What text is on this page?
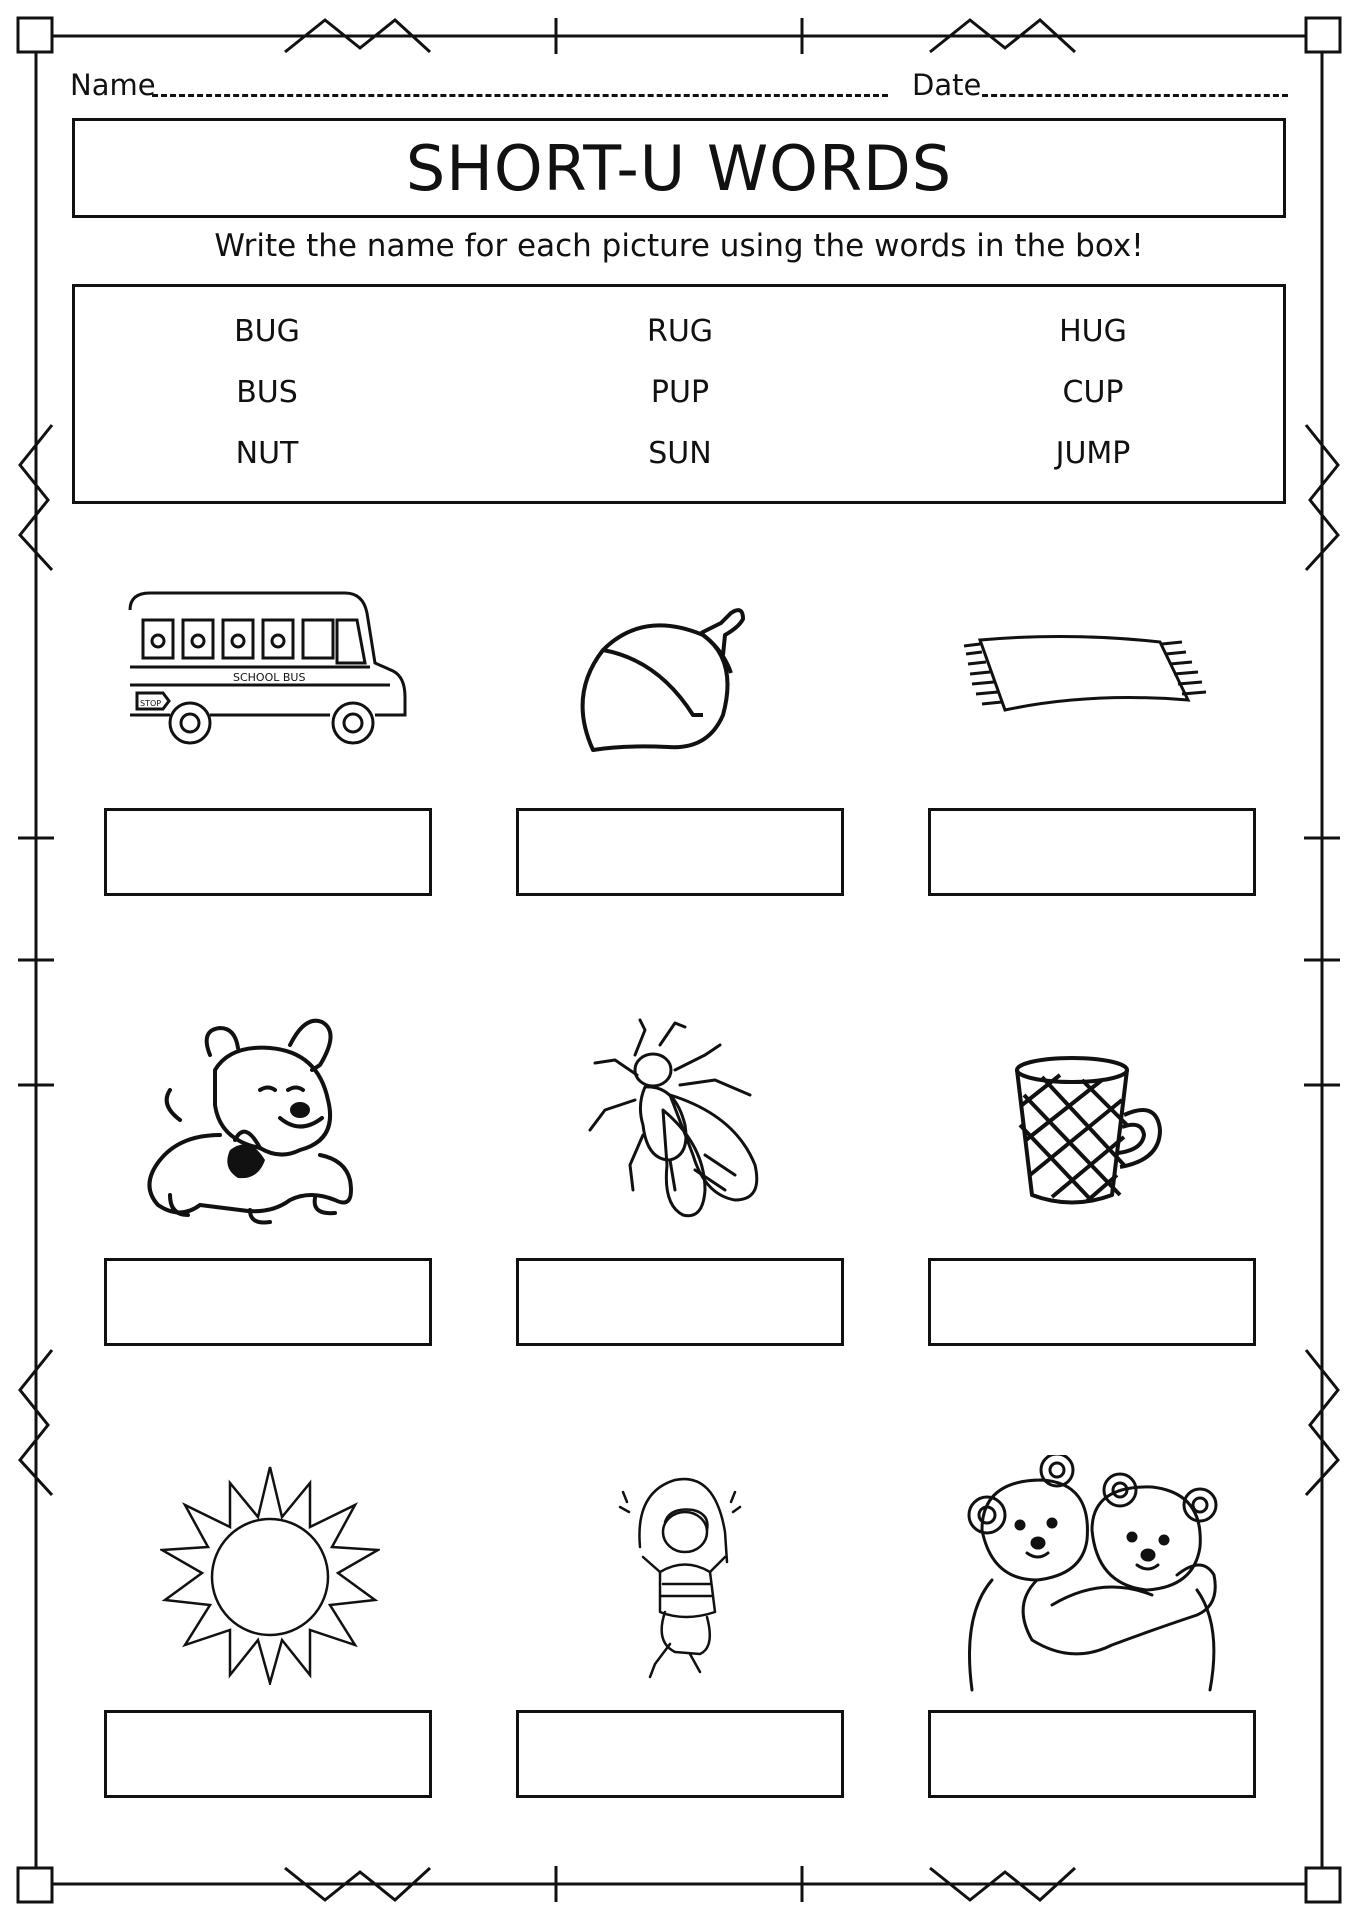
Name	Date
SHORT-U WORDS
Write the name for each picture using the words in the box!
BUG	RUG	HUG
BUS	PUP	CUP
NUT	SUN	JUMP
SCHOOL BUS
STOP
